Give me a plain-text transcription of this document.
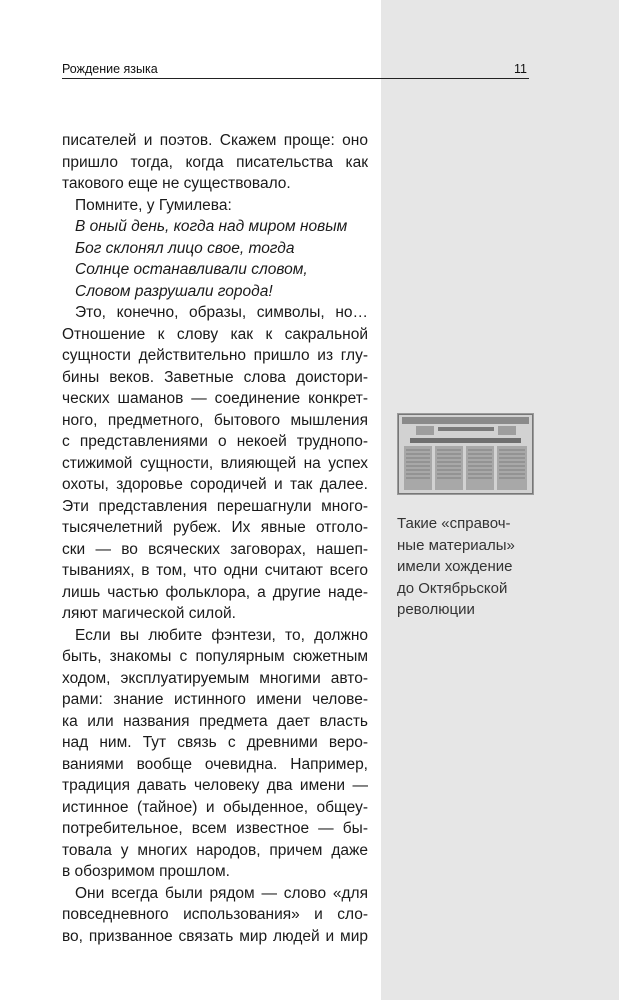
Рождение языка	11
писателей и поэтов. Скажем проще: оно
пришло тогда, когда писательства как
такового еще не существовало.
Помните, у Гумилева:
В оный день, когда над миром новым
Бог склонял лицо свое, тогда
Солнце останавливали словом,
Словом разрушали города!
Это, конечно, образы, символы, но…
Отношение к слову как к сакральной
сущности действительно пришло из глу-
бины веков. Заветные слова доистори-
ческих шаманов — соединение конкрет-
ного, предметного, бытового мышления
с представлениями о некоей труднопо-
стижимой сущности, влияющей на успех
охоты, здоровье сородичей и так далее.
Эти представления перешагнули много-
тысячелетний рубеж. Их явные отголо-
ски — во всяческих заговорах, нашеп-
тываниях, в том, что одни считают всего
лишь частью фольклора, а другие наде-
ляют магической силой.
Если вы любите фэнтези, то, должно
быть, знакомы с популярным сюжетным
ходом, эксплуатируемым многими авто-
рами: знание истинного имени челове-
ка или названия предмета дает власть
над ним. Тут связь с древними веро-
ваниями вообще очевидна. Например,
традиция давать человеку два имени —
истинное (тайное) и обыденное, общеу-
потребительное, всем известное — бы-
товала у многих народов, причем даже
в обозримом прошлом.
Они всегда были рядом — слово «для
повседневного использования» и сло-
во, призванное связать мир людей и мир
Такие «справоч-
ные материалы»
имели хождение
до Октябрьской
революции
